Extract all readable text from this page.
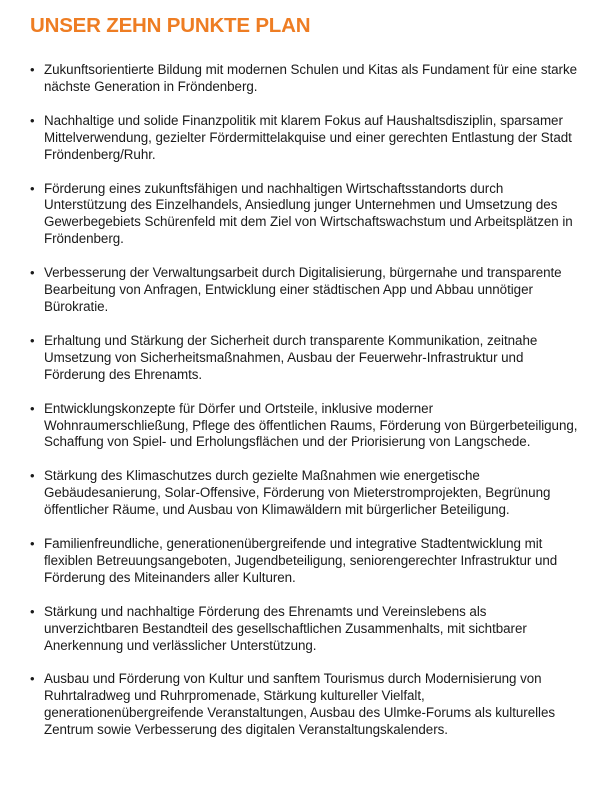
UNSER ZEHN PUNKTE PLAN
• Zukunftsorientierte Bildung mit modernen Schulen und Kitas als Fundament für eine starke nächste Generation in Fröndenberg.
• Nachhaltige und solide Finanzpolitik mit klarem Fokus auf Haushaltsdisziplin, sparsamer Mittelverwendung, gezielter Fördermittelakquise und einer gerechten Entlastung der Stadt Fröndenberg/Ruhr.
• Förderung eines zukunftsfähigen und nachhaltigen Wirtschaftsstandorts durch Unterstützung des Einzelhandels, Ansiedlung junger Unternehmen und Umsetzung des Gewerbegebiets Schürenfeld mit dem Ziel von Wirtschaftswachstum und Arbeitsplätzen in Fröndenberg.
• Verbesserung der Verwaltungsarbeit durch Digitalisierung, bürgernahe und transparente Bearbeitung von Anfragen, Entwicklung einer städtischen App und Abbau unnötiger Bürokratie.
• Erhaltung und Stärkung der Sicherheit durch transparente Kommunikation, zeitnahe Umsetzung von Sicherheitsmaßnahmen, Ausbau der Feuerwehr-Infrastruktur und Förderung des Ehrenamts.
• Entwicklungskonzepte für Dörfer und Ortsteile, inklusive moderner Wohnraumerschließung, Pflege des öffentlichen Raums, Förderung von Bürgerbeteiligung, Schaffung von Spiel- und Erholungsflächen und der Priorisierung von Langschede.
• Stärkung des Klimaschutzes durch gezielte Maßnahmen wie energetische Gebäudesanierung, Solar-Offensive, Förderung von Mieterstromprojekten, Begrünung öffentlicher Räume, und Ausbau von Klimawäldern mit bürgerlicher Beteiligung.
• Familienfreundliche, generationenübergreifende und integrative Stadtentwicklung mit flexiblen Betreuungsangeboten, Jugendbeteiligung, seniorengerechter Infrastruktur und Förderung des Miteinanders aller Kulturen.
• Stärkung und nachhaltige Förderung des Ehrenamts und Vereinslebens als unverzichtbaren Bestandteil des gesellschaftlichen Zusammenhalts, mit sichtbarer Anerkennung und verlässlicher Unterstützung.
• Ausbau und Förderung von Kultur und sanftem Tourismus durch Modernisierung von Ruhrtalradweg und Ruhrpromenade, Stärkung kultureller Vielfalt, generationenübergreifende Veranstaltungen, Ausbau des Ulmke-Forums als kulturelles Zentrum sowie Verbesserung des digitalen Veranstaltungskalenders.
